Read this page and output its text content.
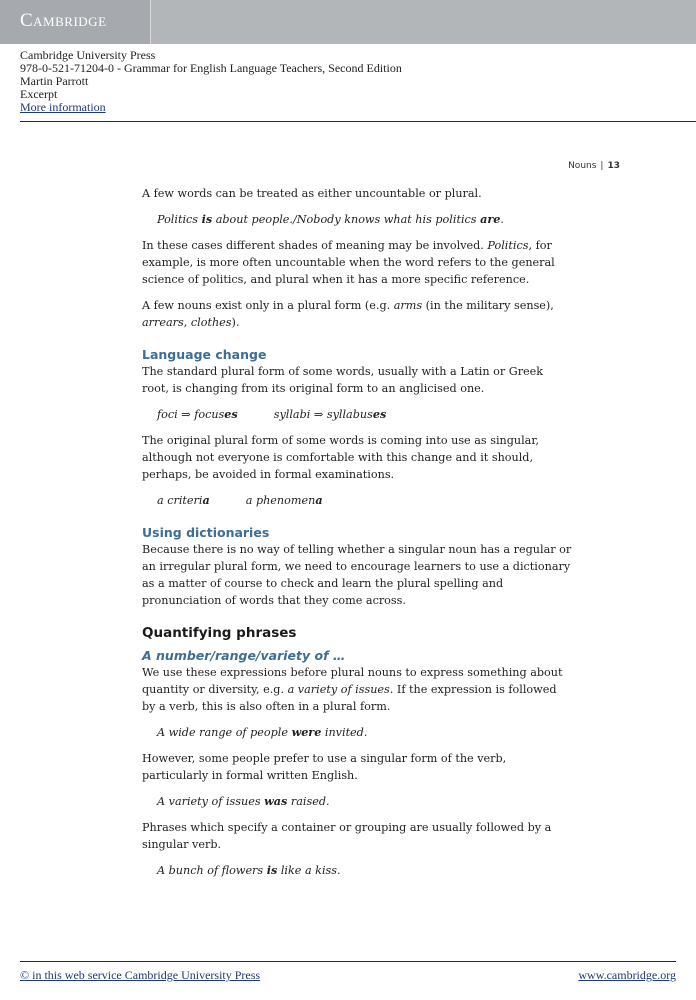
Cambridge
Cambridge University Press
978-0-521-71204-0 - Grammar for English Language Teachers, Second Edition
Martin Parrott
Excerpt
More information
Nouns | 13

A few words can be treated as either uncountable or plural.

Politics is about people./Nobody knows what his politics are.

In these cases different shades of meaning may be involved. Politics, for example, is more often uncountable when the word refers to the general science of politics, and plural when it has a more specific reference.

A few nouns exist only in a plural form (e.g. arms (in the military sense), arrears, clothes).

Language change

The standard plural form of some words, usually with a Latin or Greek root, is changing from its original form to an anglicised one.

foci ⇒ focuses	syllabi ⇒ syllabuses

The original plural form of some words is coming into use as singular, although not everyone is comfortable with this change and it should, perhaps, be avoided in formal examinations.

a criteria	a phenomena
Using dictionaries

Because there is no way of telling whether a singular noun has a regular or an irregular plural form, we need to encourage learners to use a dictionary as a matter of course to check and learn the plural spelling and pronunciation of words that they come across.

Quantifying phrases
A number/range/variety of …

We use these expressions before plural nouns to express something about quantity or diversity, e.g. a variety of issues. If the expression is followed by a verb, this is also often in a plural form.

A wide range of people were invited.

However, some people prefer to use a singular form of the verb, particularly in formal written English.

A variety of issues was raised.

Phrases which specify a container or grouping are usually followed by a singular verb.

A bunch of flowers is like a kiss.

© in this web service Cambridge University Press	www.cambridge.org
